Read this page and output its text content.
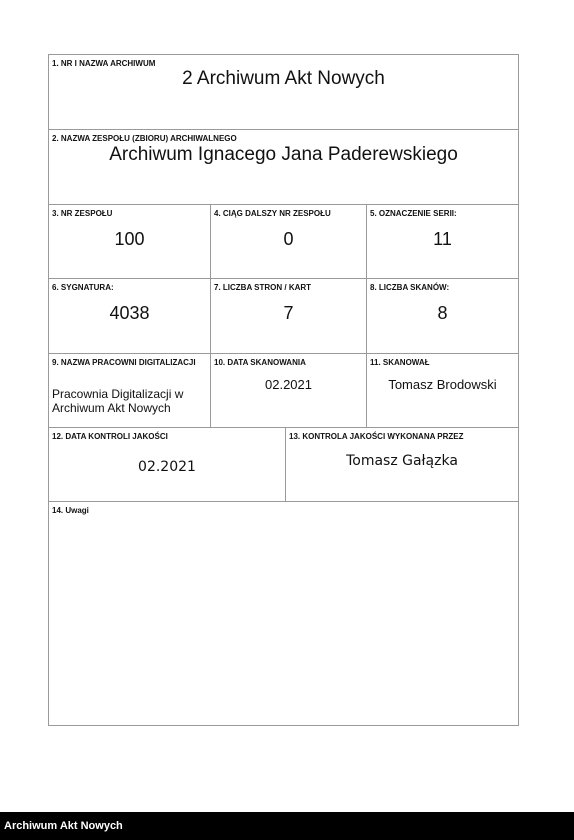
1. NR I NAZWA ARCHIWUM
2 Archiwum Akt Nowych
2. NAZWA ZESPOŁU (ZBIORU) ARCHIWALNEGO
Archiwum Ignacego Jana Paderewskiego
3. NR ZESPOŁU
100
4. CIĄG DALSZY NR ZESPOŁU
0
5. OZNACZENIE SERII:
11
6. SYGNATURA:
4038
7. LICZBA STRON / KART
7
8. LICZBA SKANÓW:
8
9. NAZWA PRACOWNI DIGITALIZACJI
Pracownia Digitalizacji w Archiwum Akt Nowych
10. DATA SKANOWANIA
02.2021
11. SKANOWAŁ
Tomasz Brodowski
12. DATA KONTROLI JAKOŚCI
02.2021
13. KONTROLA JAKOŚCI WYKONANA PRZEZ
Tomasz Gałązka
14. Uwagi
Archiwum Akt Nowych
